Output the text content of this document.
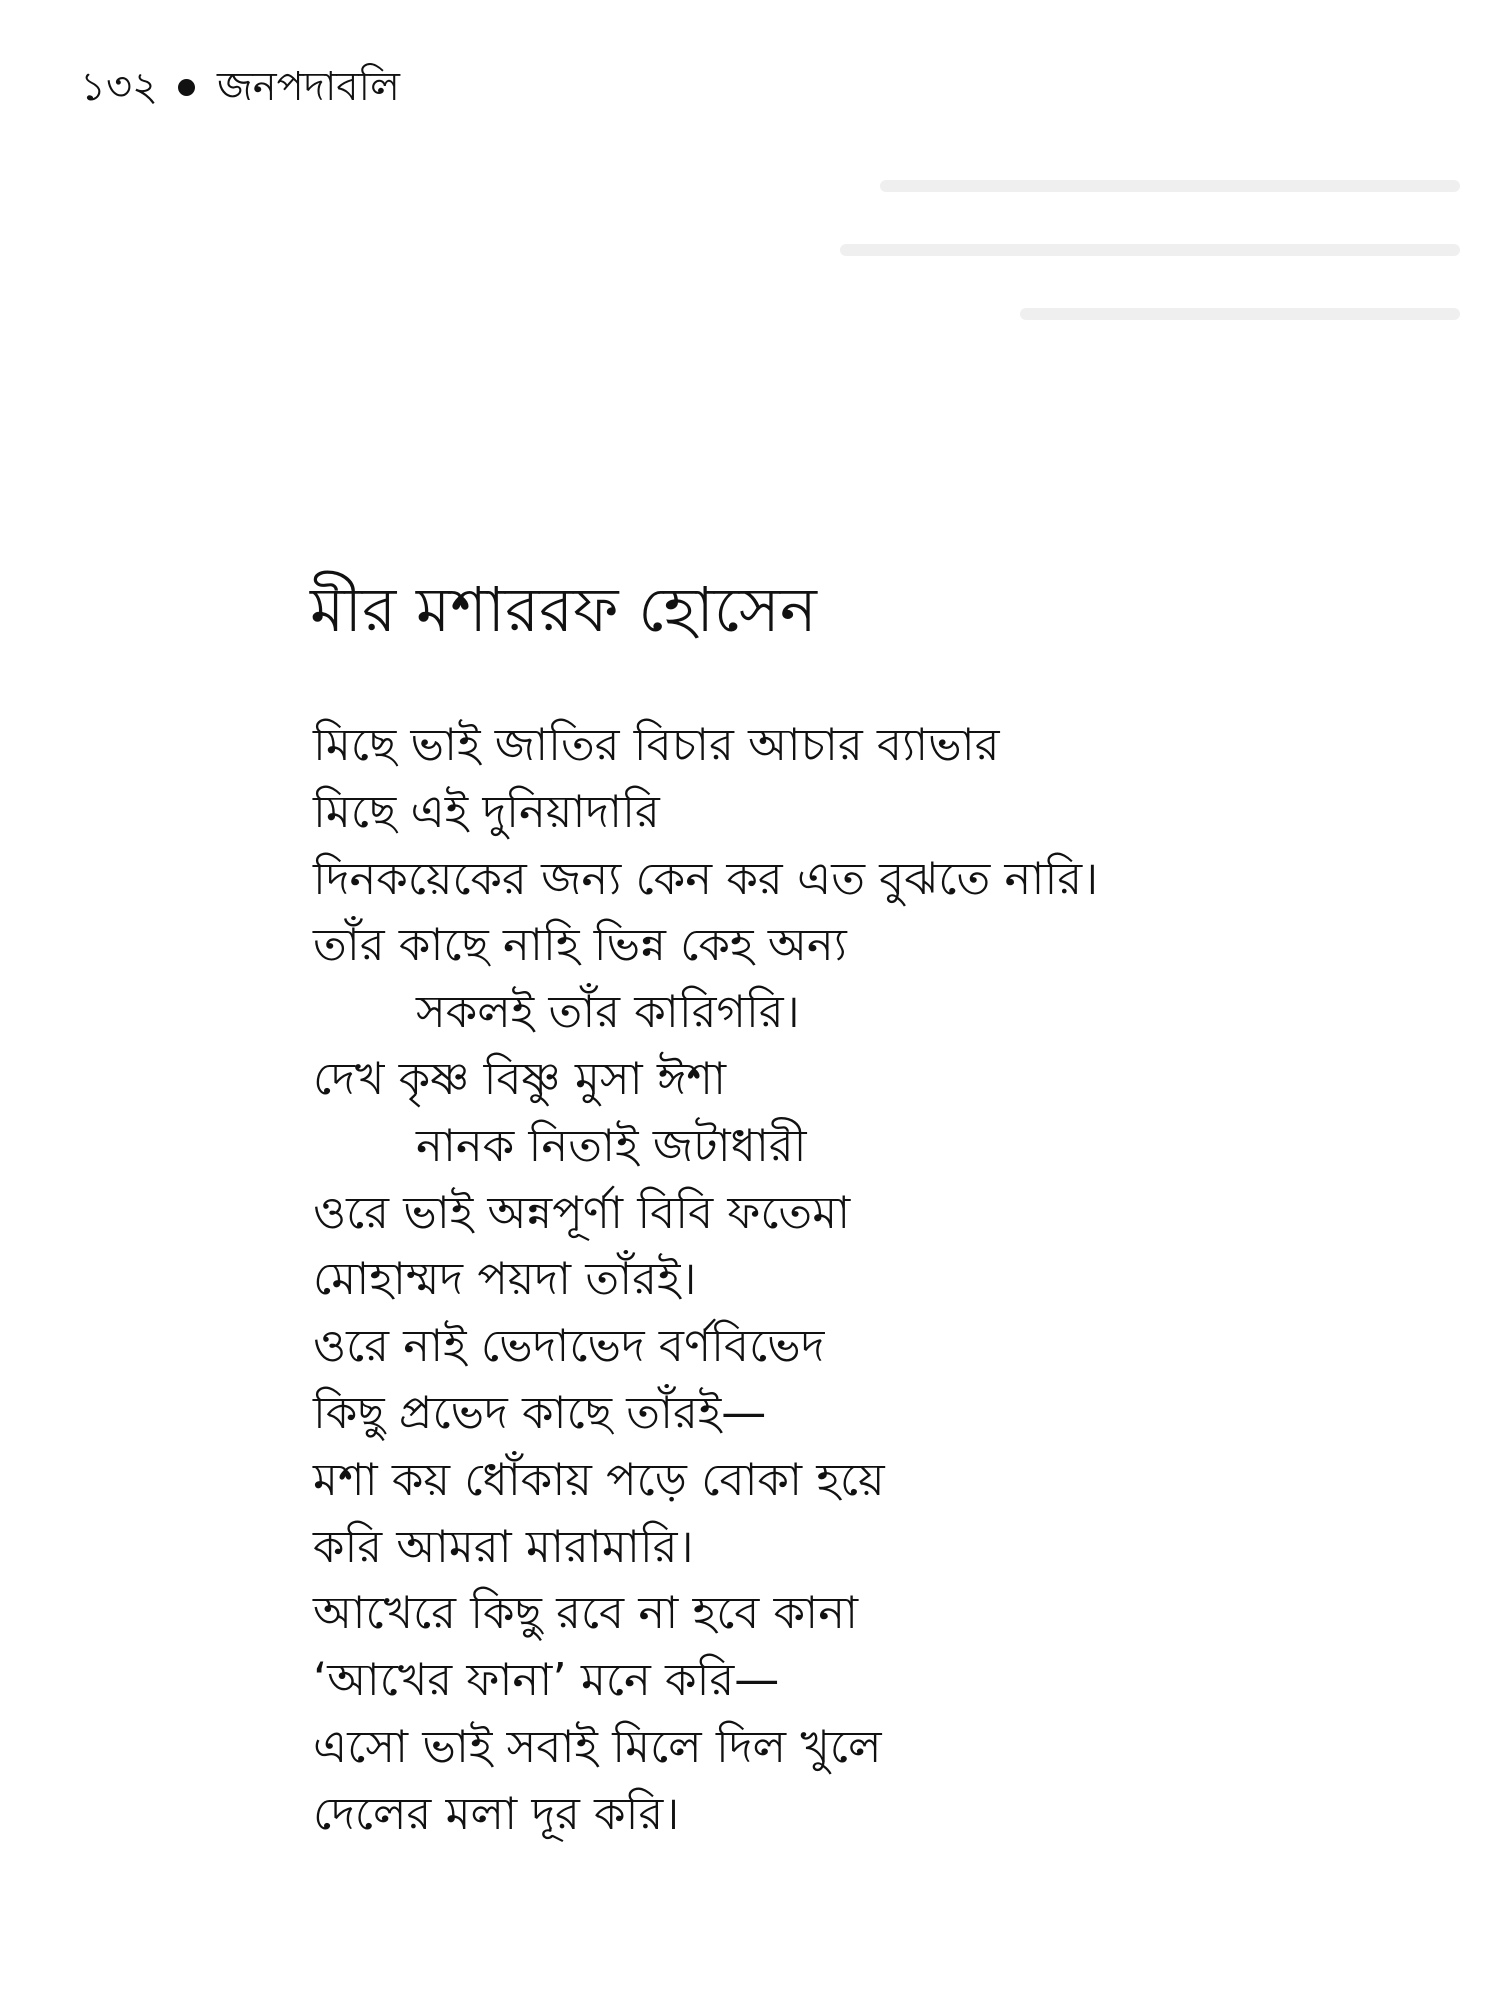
১৩২ জনপদাবলি
মীর মশাররফ হোসেন
মিছে ভাই জাতির বিচার আচার ব্যাভার
মিছে এই দুনিয়াদারি
দিনকয়েকের জন্য কেন কর এত বুঝতে নারি।
তাঁর কাছে নাহি ভিন্ন কেহ অন্য
সকলই তাঁর কারিগরি।
দেখ কৃষ্ণ বিষ্ণু মুসা ঈশা
নানক নিতাই জটাধারী
ওরে ভাই অন্নপূর্ণা বিবি ফতেমা
মোহাম্মদ পয়দা তাঁরই।
ওরে নাই ভেদাভেদ বর্ণবিভেদ
কিছু প্রভেদ কাছে তাঁরই—
মশা কয় ধোঁকায় পড়ে বোকা হয়ে
করি আমরা মারামারি।
আখেরে কিছু রবে না হবে কানা
‘আখের ফানা’ মনে করি—
এসো ভাই সবাই মিলে দিল খুলে
দেলের মলা দূর করি।
